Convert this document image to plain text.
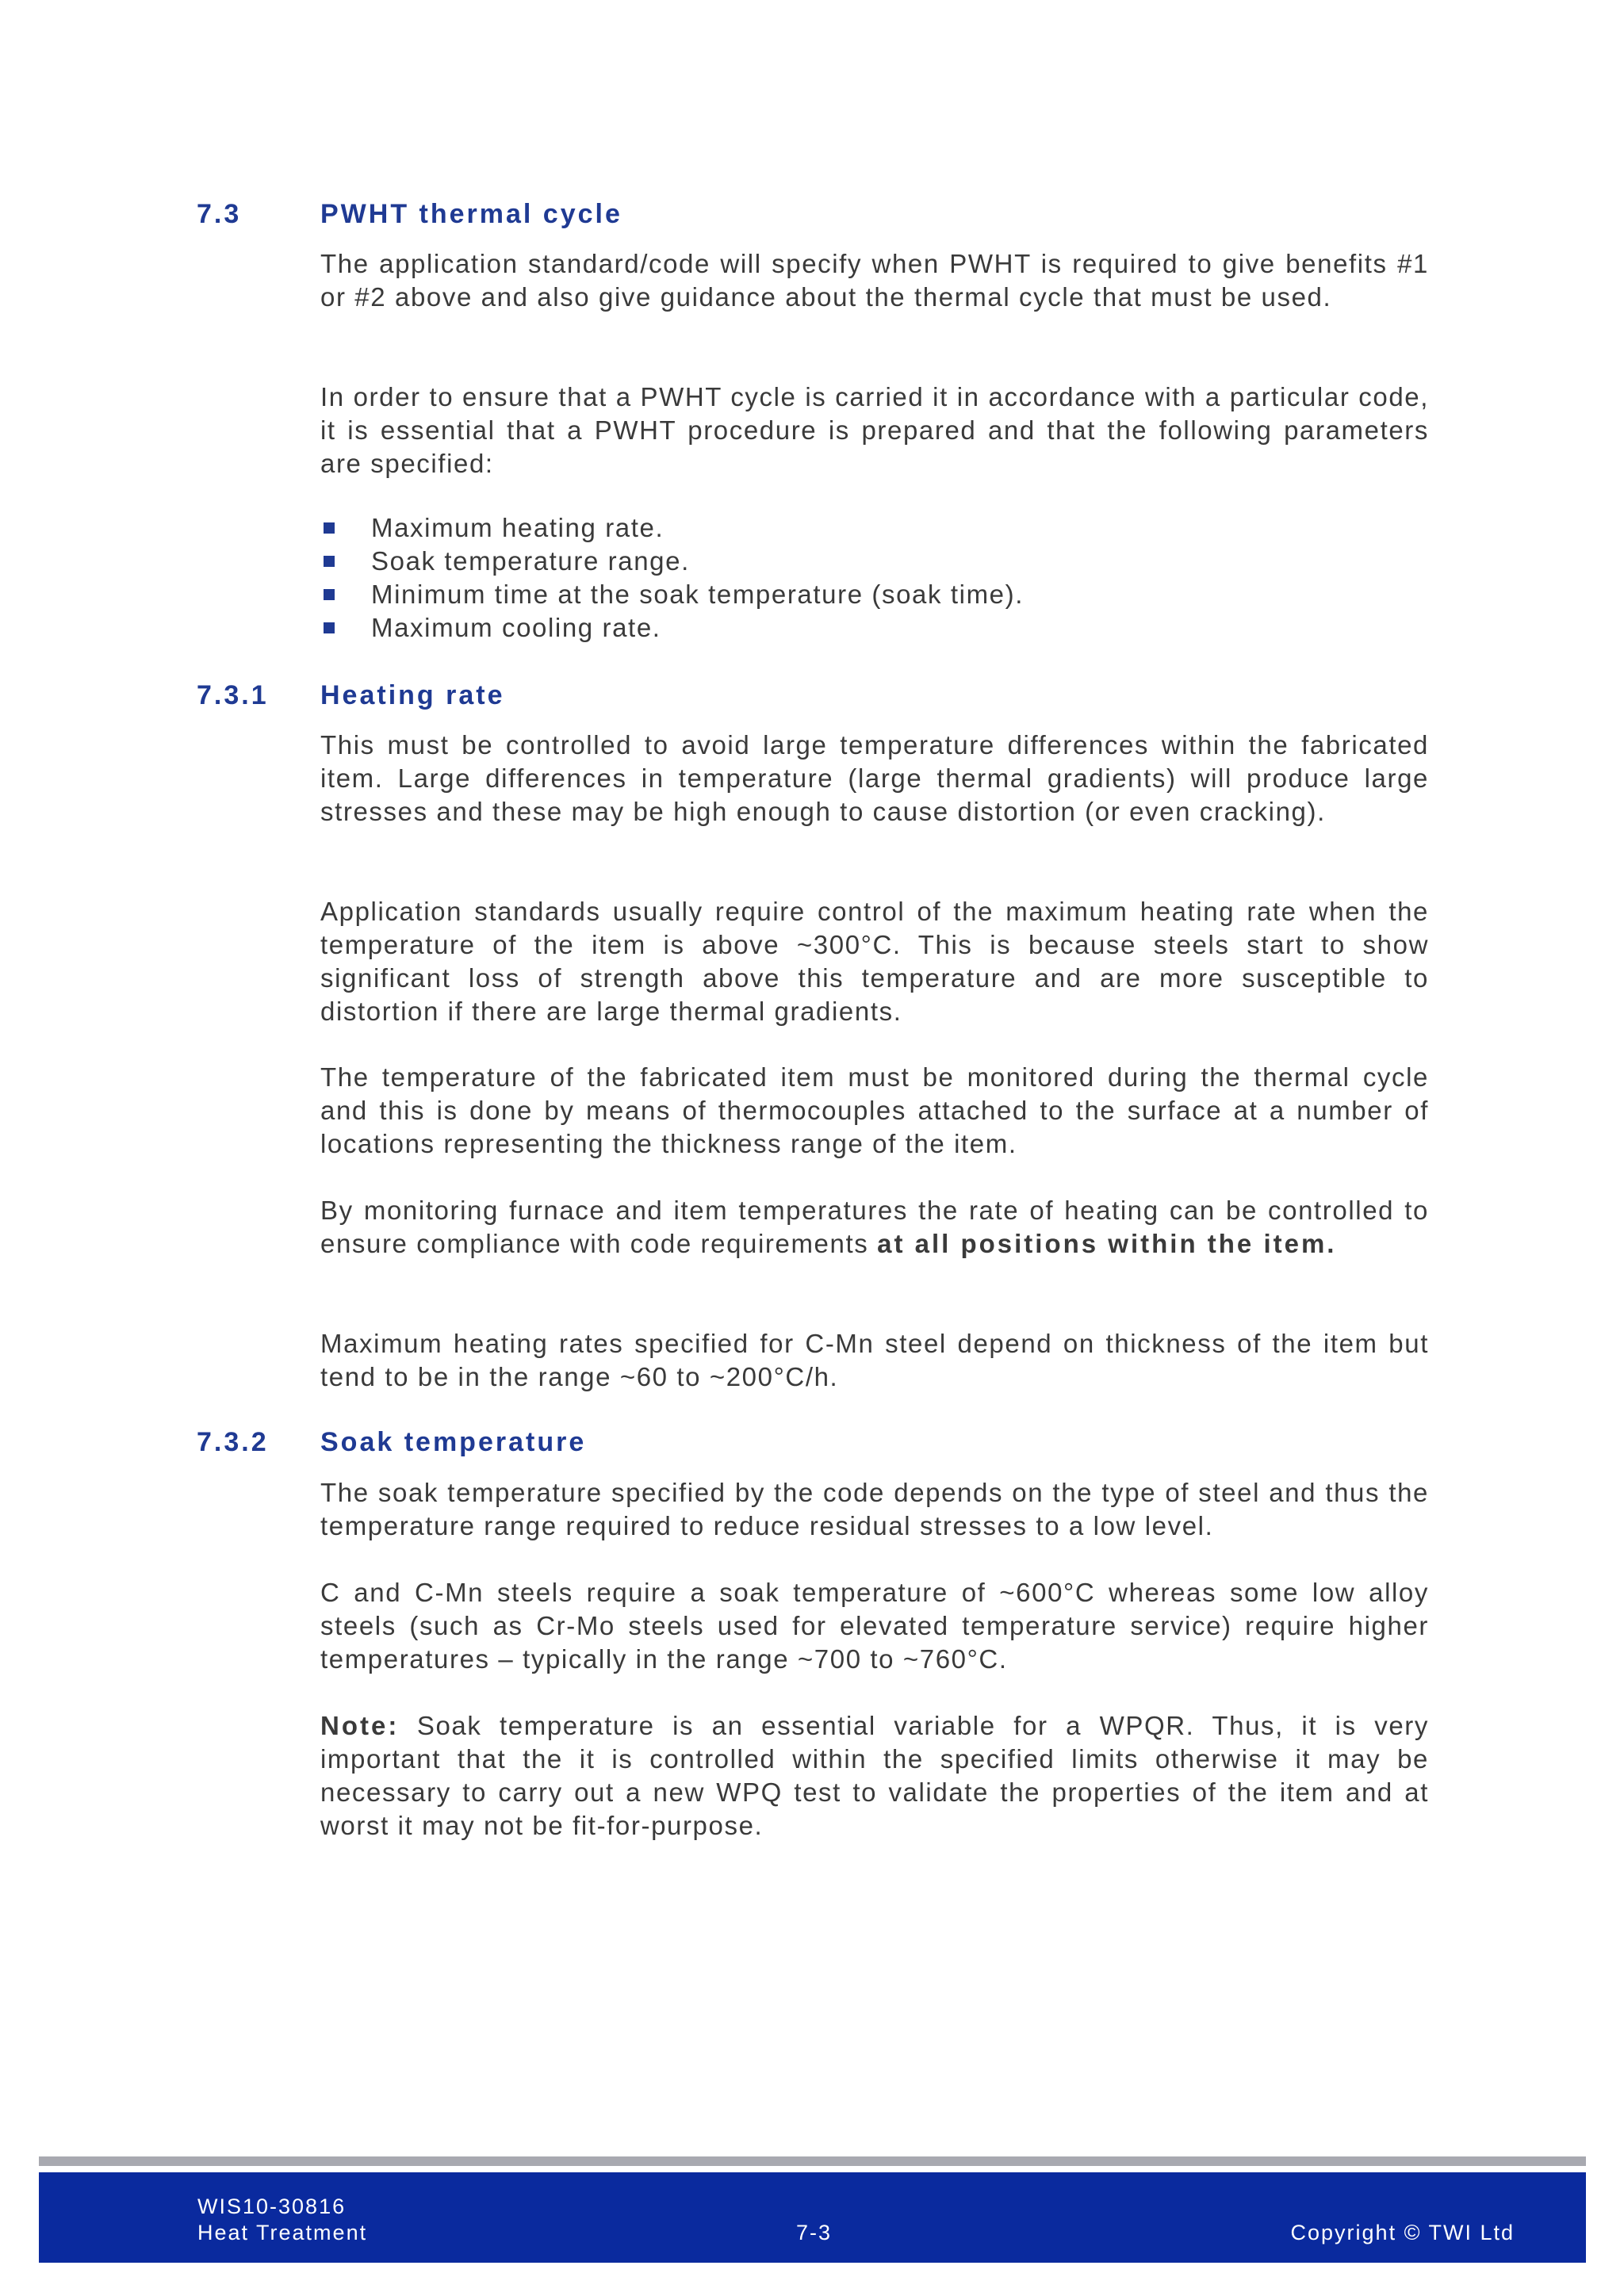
7.3	PWHT thermal cycle

The application standard/code will specify when PWHT is required to give benefits #1 or #2 above and also give guidance about the thermal cycle that must be used.

In order to ensure that a PWHT cycle is carried it in accordance with a particular code, it is essential that a PWHT procedure is prepared and that the following parameters are specified:

Maximum heating rate.
Soak temperature range.
Minimum time at the soak temperature (soak time).
Maximum cooling rate.
7.3.1 Heating rate

This must be controlled to avoid large temperature differences within the fabricated item. Large differences in temperature (large thermal gradients) will produce large stresses and these may be high enough to cause distortion (or even cracking).

Application standards usually require control of the maximum heating rate when the temperature of the item is above ~300°C. This is because steels start to show significant loss of strength above this temperature and are more susceptible to distortion if there are large thermal gradients.

The temperature of the fabricated item must be monitored during the thermal cycle and this is done by means of thermocouples attached to the surface at a number of locations representing the thickness range of the item.

By monitoring furnace and item temperatures the rate of heating can be controlled to ensure compliance with code requirements at all positions within the item.

Maximum heating rates specified for C-Mn steel depend on thickness of the item but tend to be in the range ~60 to ~200°C/h.

7.3.2 Soak temperature

The soak temperature specified by the code depends on the type of steel and thus the temperature range required to reduce residual stresses to a low level.

C and C-Mn steels require a soak temperature of ~600°C whereas some low alloy steels (such as Cr-Mo steels used for elevated temperature service) require higher temperatures – typically in the range ~700 to ~760°C.

Note: Soak temperature is an essential variable for a WPQR. Thus, it is very important that the it is controlled within the specified limits otherwise it may be necessary to carry out a new WPQ test to validate the properties of the item and at worst it may not be fit-for-purpose.

WIS10-30816
Heat Treatment	7-3	Copyright © TWI Ltd
